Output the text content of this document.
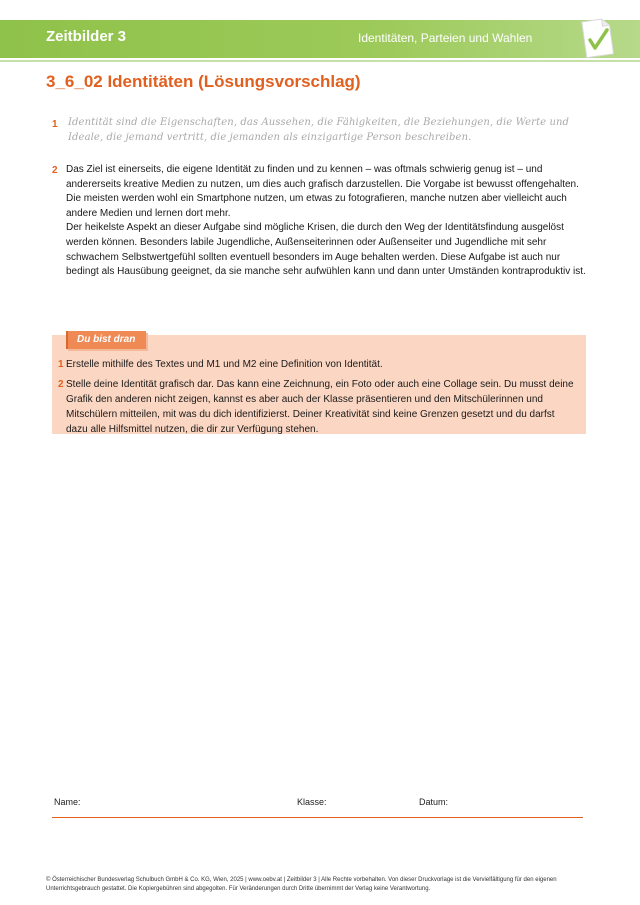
Zeitbilder 3	Identitäten, Parteien und Wahlen
3_6_02 Identitäten (Lösungsvorschlag)
1 Identität sind die Eigenschaften, das Aussehen, die Fähigkeiten, die Beziehungen, die Werte und Ideale, die jemand vertritt, die jemanden als einzigartige Person beschreiben.
2 Das Ziel ist einerseits, die eigene Identität zu finden und zu kennen – was oftmals schwierig genug ist – und andererseits kreative Medien zu nutzen, um dies auch grafisch darzustellen. Die Vorgabe ist bewusst offengehalten. Die meisten werden wohl ein Smartphone nutzen, um etwas zu fotografieren, manche nutzen aber vielleicht auch andere Medien und lernen dort mehr.

Der heikelste Aspekt an dieser Aufgabe sind mögliche Krisen, die durch den Weg der Identitätsfindung ausgelöst werden können. Besonders labile Jugendliche, Außenseiterinnen oder Außenseiter und Jugendliche mit sehr schwachem Selbstwertgefühl sollten eventuell besonders im Auge behalten werden. Diese Aufgabe ist auch nur bedingt als Hausübung geeignet, da sie manche sehr aufwühlen kann und dann unter Umständen kontraproduktiv ist.

Du bist dran
1 Erstelle mithilfe des Textes und M1 und M2 eine Definition von Identität.
2 Stelle deine Identität grafisch dar. Das kann eine Zeichnung, ein Foto oder auch eine Collage sein. Du musst deine Grafik den anderen nicht zeigen, kannst es aber auch der Klasse präsentieren und den Mitschülerinnen und Mitschülern mitteilen, mit was du dich identifizierst. Deiner Kreativität sind keine Grenzen gesetzt und du darfst dazu alle Hilfsmittel nutzen, die dir zur Verfügung stehen.
Name:	Klasse:	Datum:
© Österreichischer Bundesverlag Schulbuch GmbH & Co. KG, Wien, 2025 | www.oebv.at | Zeitbilder 3 | Alle Rechte vorbehalten. Von dieser Druckvorlage ist die Vervielfältigung für den eigenen Unterrichtsgebrauch gestattet. Die Kopiergebühren sind abgegolten. Für Veränderungen durch Dritte übernimmt der Verlag keine Verantwortung.
